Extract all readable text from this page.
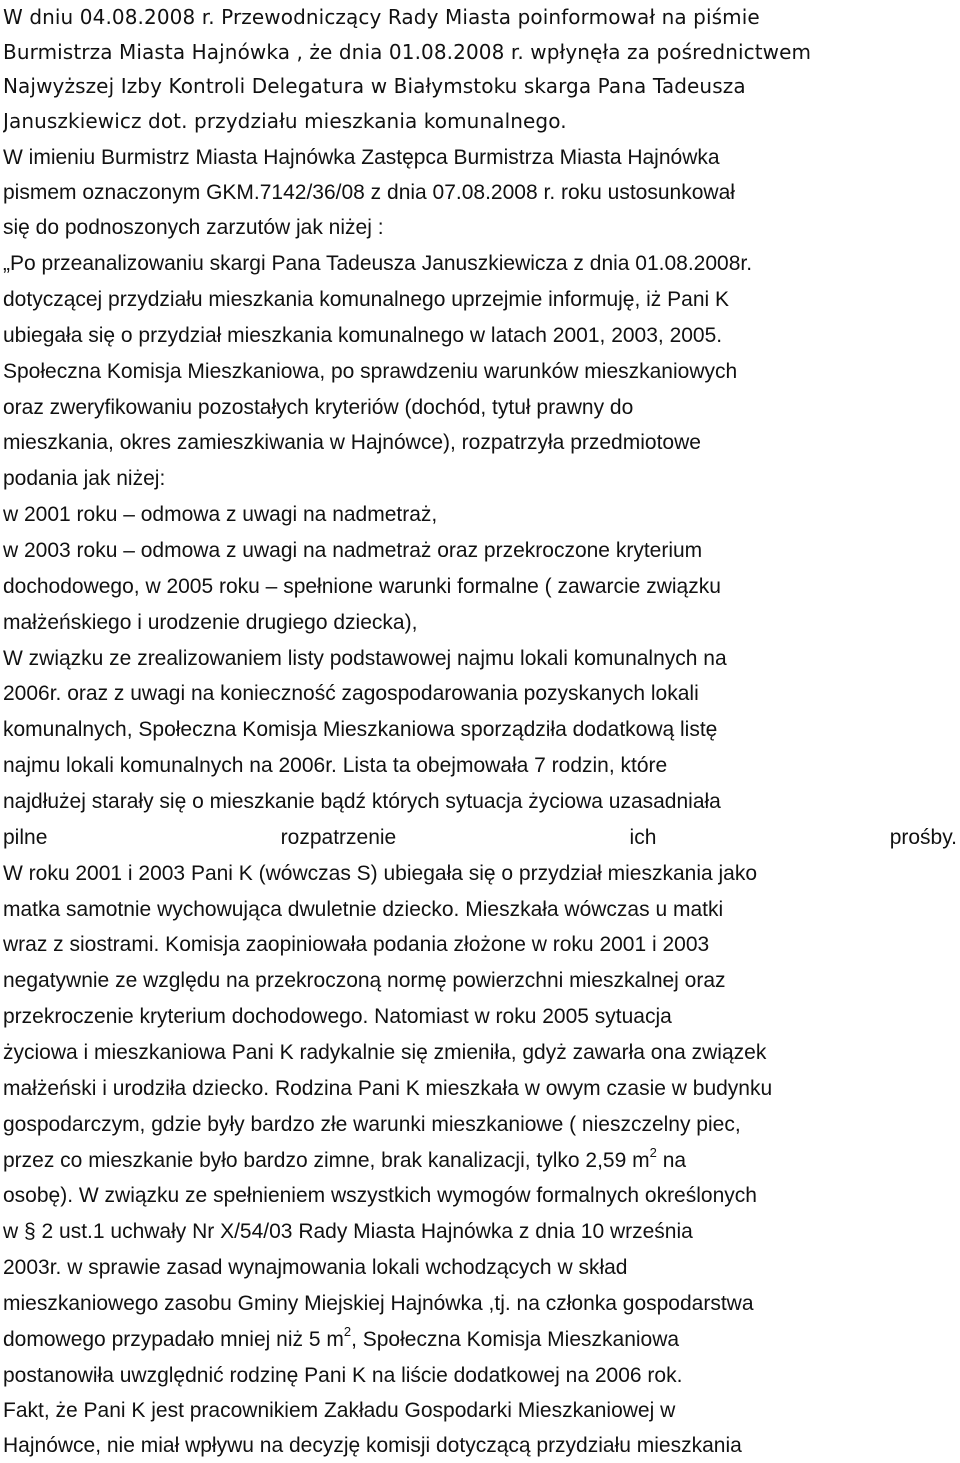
W dniu 04.08.2008 r. Przewodniczący Rady Miasta poinformował na piśmie
Burmistrza Miasta Hajnówka , że dnia 01.08.2008 r. wpłynęła za pośrednictwem
Najwyższej Izby Kontroli Delegatura w Białymstoku skarga Pana Tadeusza
Januszkiewicz dot. przydziału mieszkania komunalnego.
W imieniu Burmistrz Miasta Hajnówka Zastępca Burmistrza Miasta Hajnówka
pismem oznaczonym GKM.7142/36/08 z dnia 07.08.2008 r. roku ustosunkował
się do podnoszonych zarzutów jak niżej :
„Po przeanalizowaniu skargi Pana Tadeusza Januszkiewicza z dnia 01.08.2008r.
dotyczącej przydziału mieszkania komunalnego uprzejmie informuję, iż Pani K
ubiegała się o przydział mieszkania komunalnego w latach 2001, 2003, 2005.
Społeczna Komisja Mieszkaniowa, po sprawdzeniu warunków mieszkaniowych
oraz zweryfikowaniu pozostałych kryteriów (dochód, tytuł prawny do
mieszkania, okres zamieszkiwania w Hajnówce), rozpatrzyła przedmiotowe
podania jak niżej:
w 2001 roku – odmowa z uwagi na nadmetraż,
w 2003 roku – odmowa z uwagi na nadmetraż oraz przekroczone kryterium
dochodowego, w 2005 roku – spełnione warunki formalne ( zawarcie związku
małżeńskiego i urodzenie drugiego dziecka),
W związku ze zrealizowaniem listy podstawowej najmu lokali komunalnych na
2006r. oraz z uwagi na konieczność zagospodarowania pozyskanych lokali
komunalnych, Społeczna Komisja Mieszkaniowa sporządziła dodatkową listę
najmu lokali komunalnych na 2006r. Lista ta obejmowała 7 rodzin, które
najdłużej starały się o mieszkanie bądź których sytuacja życiowa uzasadniała
pilne	rozpatrzenie	ich	prośby.
W roku 2001 i 2003 Pani K (wówczas S) ubiegała się o przydział mieszkania jako
matka samotnie wychowująca dwuletnie dziecko. Mieszkała wówczas u matki
wraz z siostrami. Komisja zaopiniowała podania złożone w roku 2001 i 2003
negatywnie ze względu na przekroczoną normę powierzchni mieszkalnej oraz
przekroczenie kryterium dochodowego. Natomiast w roku 2005 sytuacja
życiowa i mieszkaniowa Pani K radykalnie się zmieniła, gdyż zawarła ona związek
małżeński i urodziła dziecko. Rodzina Pani K mieszkała w owym czasie w budynku
gospodarczym, gdzie były bardzo złe warunki mieszkaniowe ( nieszczelny piec,
przez co mieszkanie było bardzo zimne, brak kanalizacji, tylko 2,59 $m^2$ na
osobę). W związku ze spełnieniem wszystkich wymogów formalnych określonych
w § 2 ust.1 uchwały Nr X/54/03 Rady Miasta Hajnówka z dnia 10 września
2003r. w sprawie zasad wynajmowania lokali wchodzących w skład
mieszkaniowego zasobu Gminy Miejskiej Hajnówka ,tj. na członka gospodarstwa
domowego przypadało mniej niż 5 $m^2$, Społeczna Komisja Mieszkaniowa
postanowiła uwzględnić rodzinę Pani K na liście dodatkowej na 2006 rok.
Fakt, że Pani K jest pracownikiem Zakładu Gospodarki Mieszkaniowej w
Hajnówce, nie miał wpływu na decyzję komisji dotyczącą przydziału mieszkania
